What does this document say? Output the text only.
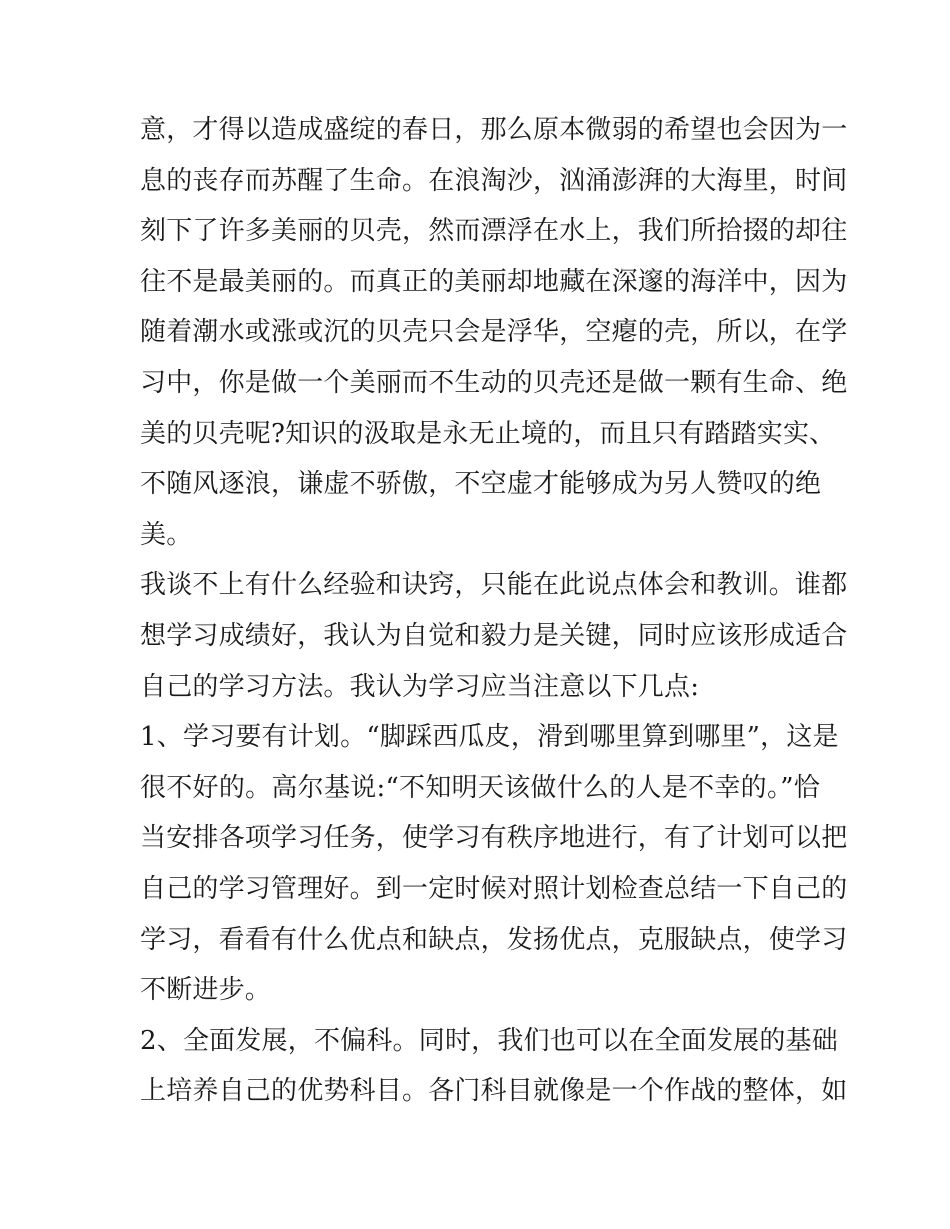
意，才得以造成盛绽的春日，那么原本微弱的希望也会因为一
息的丧存而苏醒了生命。在浪淘沙，汹涌澎湃的大海里，时间
刻下了许多美丽的贝壳，然而漂浮在水上，我们所拾掇的却往
往不是最美丽的。而真正的美丽却地藏在深邃的海洋中，因为
随着潮水或涨或沉的贝壳只会是浮华，空瘪的壳，所以，在学
习中，你是做一个美丽而不生动的贝壳还是做一颗有生命、绝
美的贝壳呢?知识的汲取是永无止境的，而且只有踏踏实实、
不随风逐浪，谦虚不骄傲，不空虚才能够成为另人赞叹的绝
美。
我谈不上有什么经验和诀窍，只能在此说点体会和教训。谁都
想学习成绩好，我认为自觉和毅力是关键，同时应该形成适合
自己的学习方法。我认为学习应当注意以下几点:
1、学习要有计划。“脚踩西瓜皮，滑到哪里算到哪里”，这是
很不好的。高尔基说:“不知明天该做什么的人是不幸的。”恰
当安排各项学习任务，使学习有秩序地进行，有了计划可以把
自己的学习管理好。到一定时候对照计划检查总结一下自己的
学习，看看有什么优点和缺点，发扬优点，克服缺点，使学习
不断进步。
2、全面发展，不偏科。同时，我们也可以在全面发展的基础
上培养自己的优势科目。各门科目就像是一个作战的整体，如
